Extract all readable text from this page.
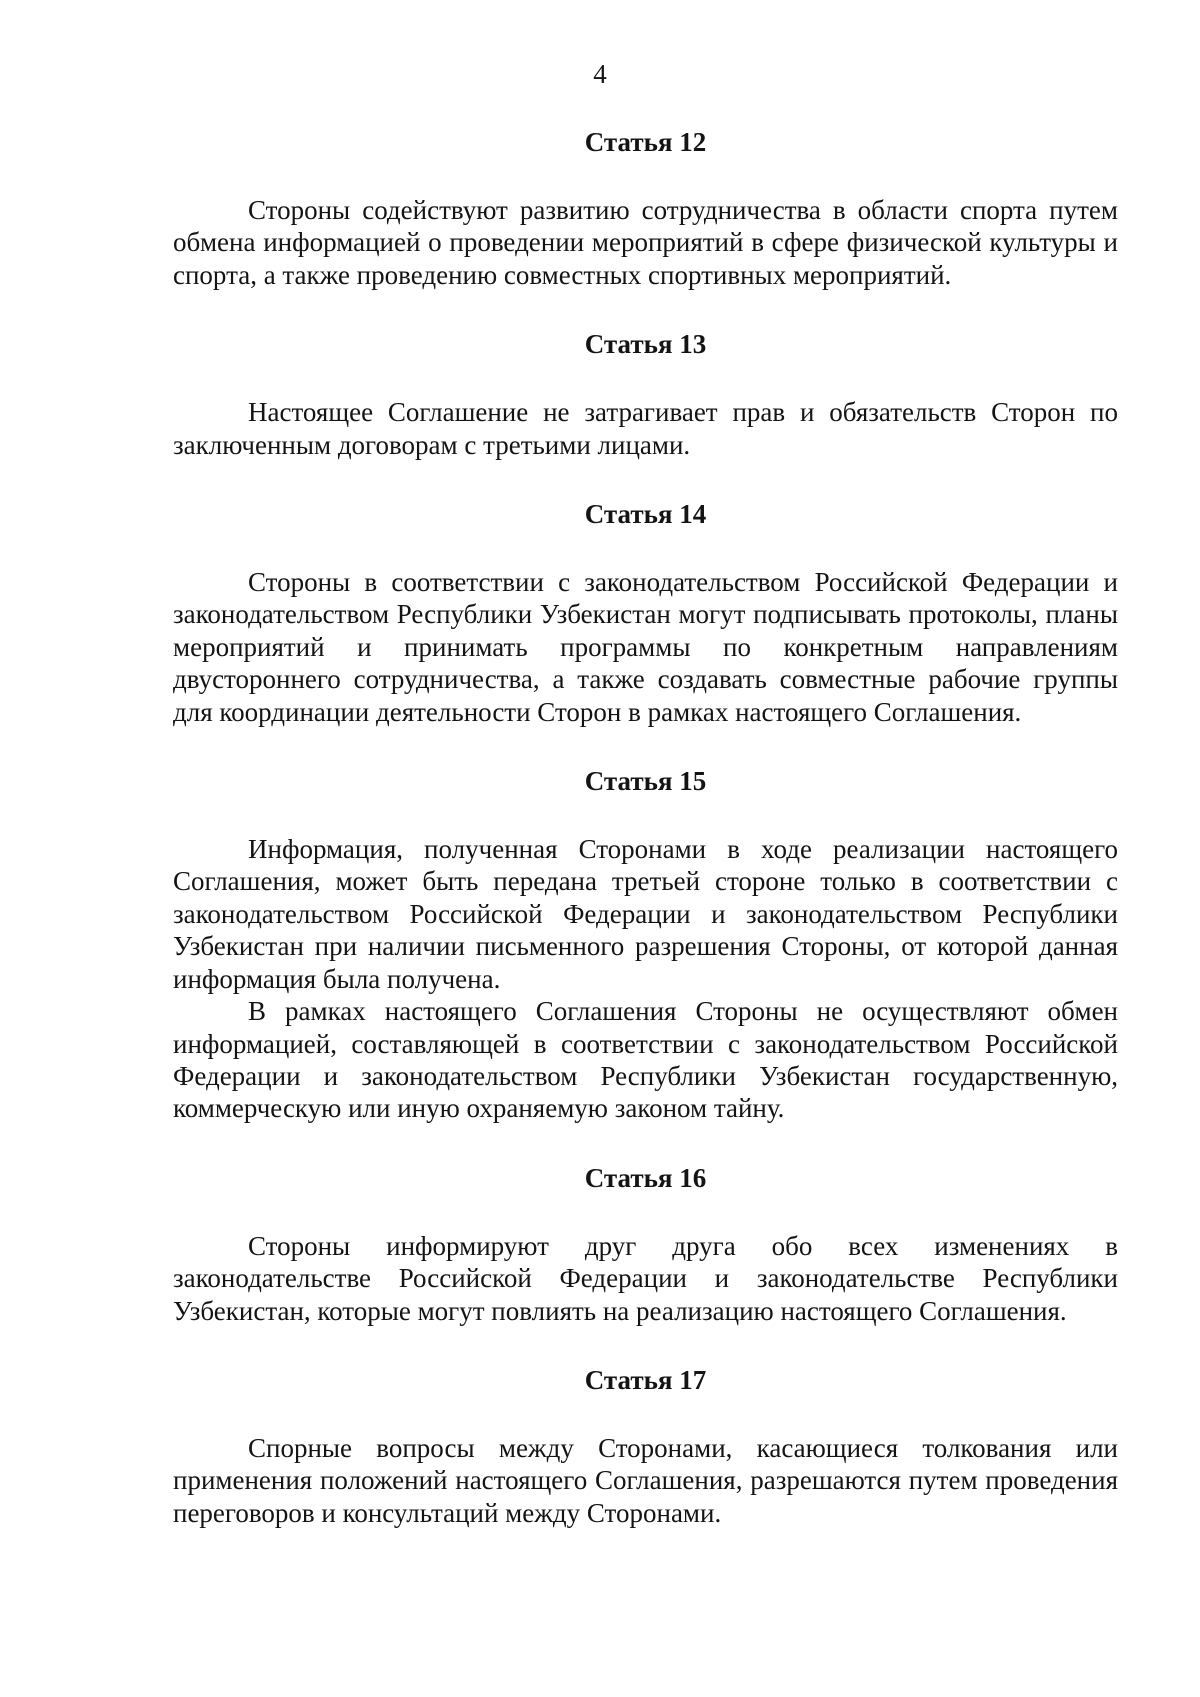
4
Статья 12

Стороны содействуют развитию сотрудничества в области спорта путем обмена информацией о проведении мероприятий в сфере физической культуры и спорта, а также проведению совместных спортивных мероприятий.

Статья 13

Настоящее Соглашение не затрагивает прав и обязательств Сторон по заключенным договорам с третьими лицами.

Статья 14

Стороны в соответствии с законодательством Российской Федерации и законодательством Республики Узбекистан могут подписывать протоколы, планы мероприятий и принимать программы по конкретным направлениям двустороннего сотрудничества, а также создавать совместные рабочие группы для координации деятельности Сторон в рамках настоящего Соглашения.

Статья 15

Информация, полученная Сторонами в ходе реализации настоящего Соглашения, может быть передана третьей стороне только в соответствии с законодательством Российской Федерации и законодательством Республики Узбекистан при наличии письменного разрешения Стороны, от которой данная информация была получена.

В рамках настоящего Соглашения Стороны не осуществляют обмен информацией, составляющей в соответствии с законодательством Российской Федерации и законодательством Республики Узбекистан государственную, коммерческую или иную охраняемую законом тайну.

Статья 16

Стороны информируют друг друга обо всех изменениях в законодательстве Российской Федерации и законодательстве Республики Узбекистан, которые могут повлиять на реализацию настоящего Соглашения.

Статья 17

Спорные вопросы между Сторонами, касающиеся толкования или применения положений настоящего Соглашения, разрешаются путем проведения переговоров и консультаций между Сторонами.
